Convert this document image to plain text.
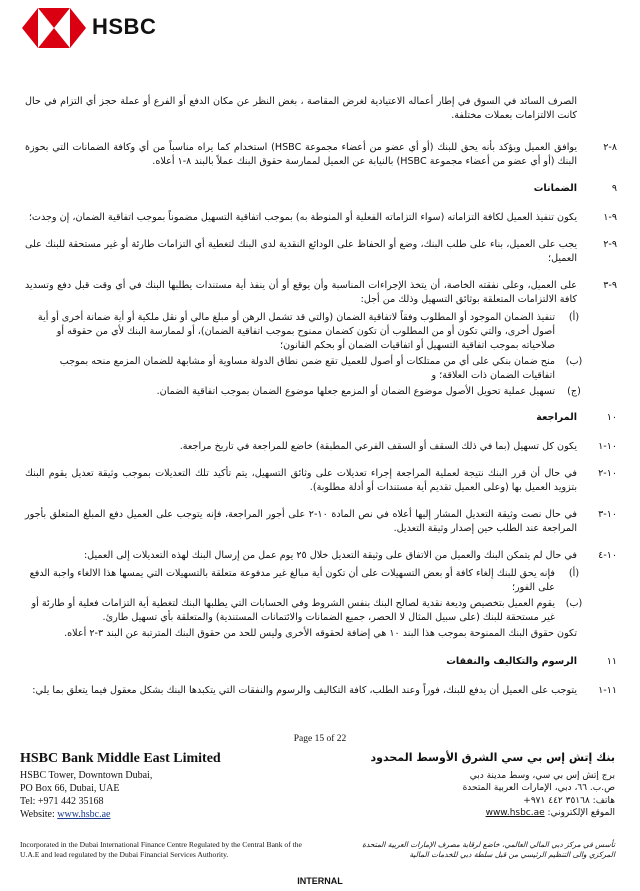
HSBC
الصرف السائد في السوق في إطار أعماله الاعتيادية لغرض المقاصة ، بغض النظر عن مكان الدفع أو الفرع أو عملة حجز أي التزام في حال كانت الالتزامات بعملات مختلفة.
٨-٢
يوافق العميل ويؤكد بأنه يحق للبنك (أو أي عضو من أعضاء مجموعة HSBC) استخدام كما يراه مناسباً من أي وكافة الضمانات التي بحوزة البنك (أو أي عضو من أعضاء مجموعة HSBC) بالنيابة عن العميل لممارسة حقوق البنك عملاً بالبند ٨-١ أعلاه.
٩
الضمانات
٩-١
يكون تنفيذ العميل لكافة التزاماته (سواء التزاماته الفعلية أو المنوطة به) بموجب اتفاقية التسهيل مضموناً بموجب اتفاقية الضمان، إن وجدت؛
٩-٢
يجب على العميل، بناء على طلب البنك، وضع أو الحفاظ على الودائع النقدية لدى البنك لتغطية أي التزامات طارئة أو غير مستحقة للبنك على العميل؛
٩-٣
على العميل، وعلى نفقته الخاصة، أن يتخذ الإجراءات المناسبة وأن يوقع أو أن ينفذ أية مستندات يطلبها البنك في أي وقت قبل دفع وتسديد كافة الالتزامات المتعلقة بوثائق التسهيل وذلك من أجل:
(أ)
تنفيذ الضمان الموجود أو المطلوب وفقاً لاتفاقية الضمان (والتي قد تشمل الرهن أو مبلغ مالي أو نقل ملكية أو أية ضمانة أخرى أو أية أصول أخرى، والتي تكون أو من المطلوب أن تكون كضمان ممنوح بموجب اتفاقية الضمان)، أو لممارسة البنك لأي من حقوقه أو صلاحياته بموجب اتفاقية التسهيل أو اتفاقيات الضمان أو بحكم القانون؛
(ب)
منح ضمان بنكي على أي من ممتلكات أو أصول للعميل تقع ضمن نطاق الدولة مساوية أو مشابهة للضمان المزمع منحه بموجب اتفاقيات الضمان ذات العلاقة؛ و
(ج)
تسهيل عملية تحويل الأصول موضوع الضمان أو المزمع جعلها موضوع الضمان بموجب اتفاقية الضمان.
١٠
المراجعة
١٠-١
يكون كل تسهيل (بما في ذلك السقف أو السقف الفرعي المطبقة) خاضع للمراجعة في تاريخ مراجعة.
١٠-٢
في حال أن قرر البنك نتيجة لعملية المراجعة إجراء تعديلات على وثائق التسهيل، يتم تأكيد تلك التعديلات بموجب وثيقة تعديل يقوم البنك بتزويد العميل بها (وعلى العميل تقديم أية مستندات أو أدلة مطلوبة).
١٠-٣
في حال نصت وثيقة التعديل المشار إليها أعلاه في نص المادة ١٠-٢ على أجور المراجعة، فإنه يتوجب على العميل دفع المبلغ المتعلق بأجور المراجعة عند الطلب حين إصدار وثيقة التعديل.
١٠-٤
في حال لم يتمكن البنك والعميل من الاتفاق على وثيقة التعديل خلال ٢٥ يوم عمل من إرسال البنك لهذه التعديلات إلى العميل:
(أ)
فإنه يحق للبنك إلغاء كافة أو بعض التسهيلات على أن تكون أية مبالغ غير مدفوعة متعلقة بالتسهيلات التي يمسها هذا الالغاء واجبة الدفع على الفور؛
(ب)
يقوم العميل بتخصيص وديعة نقدية لصالح البنك بنفس الشروط وفي الحسابات التي يطلبها البنك لتغطية أية التزامات فعلية أو طارئة أو غير مستحقة للبنك (على سبيل المثال لا الحصر، جميع الضمانات والائتمانات المستندية) والمتعلقة بأي تسهيل طارئ.
تكون حقوق البنك الممنوحة بموجب هذا البند ١٠ هي إضافة لحقوقه الأخرى وليس للحد من حقوق البنك المترتبة عن البند ٣-٢ أعلاه.
١١
الرسوم والتكاليف والنفقات
١١-١
يتوجب على العميل أن يدفع للبنك، فوراً وعند الطلب، كافة التكاليف والرسوم والنفقات التي يتكبدها البنك بشكل معقول فيما يتعلق بما يلي:
Page 15 of 22
HSBC Bank Middle East Limited
HSBC Tower, Downtown Dubai,
PO Box 66, Dubai, UAE
Tel: +971 442 35168
Website: www.hsbc.ae
بنك إتش إس بي سي الشرق الأوسط المحدود
برج إتش إس بي سي، وسط مدينة دبي
ص.ب. ٦٦، دبي، الإمارات العربية المتحدة
هاتف: ٣٥١٦٨ ٤٤٢ ٩٧١+
الموقع الإلكتروني: www.hsbc.ae
Incorporated in the Dubai International Finance Centre Regulated by the Central Bank of the U.A.E and lead regulated by the Dubai Financial Services Authority.
تأسس في مركز دبي المالي العالمي، خاضع لرقابة مصرف الإمارات العربية المتحدة المركزي والى التنظيم الرئيسي من قبل سلطة دبي للخدمات المالية
INTERNAL
